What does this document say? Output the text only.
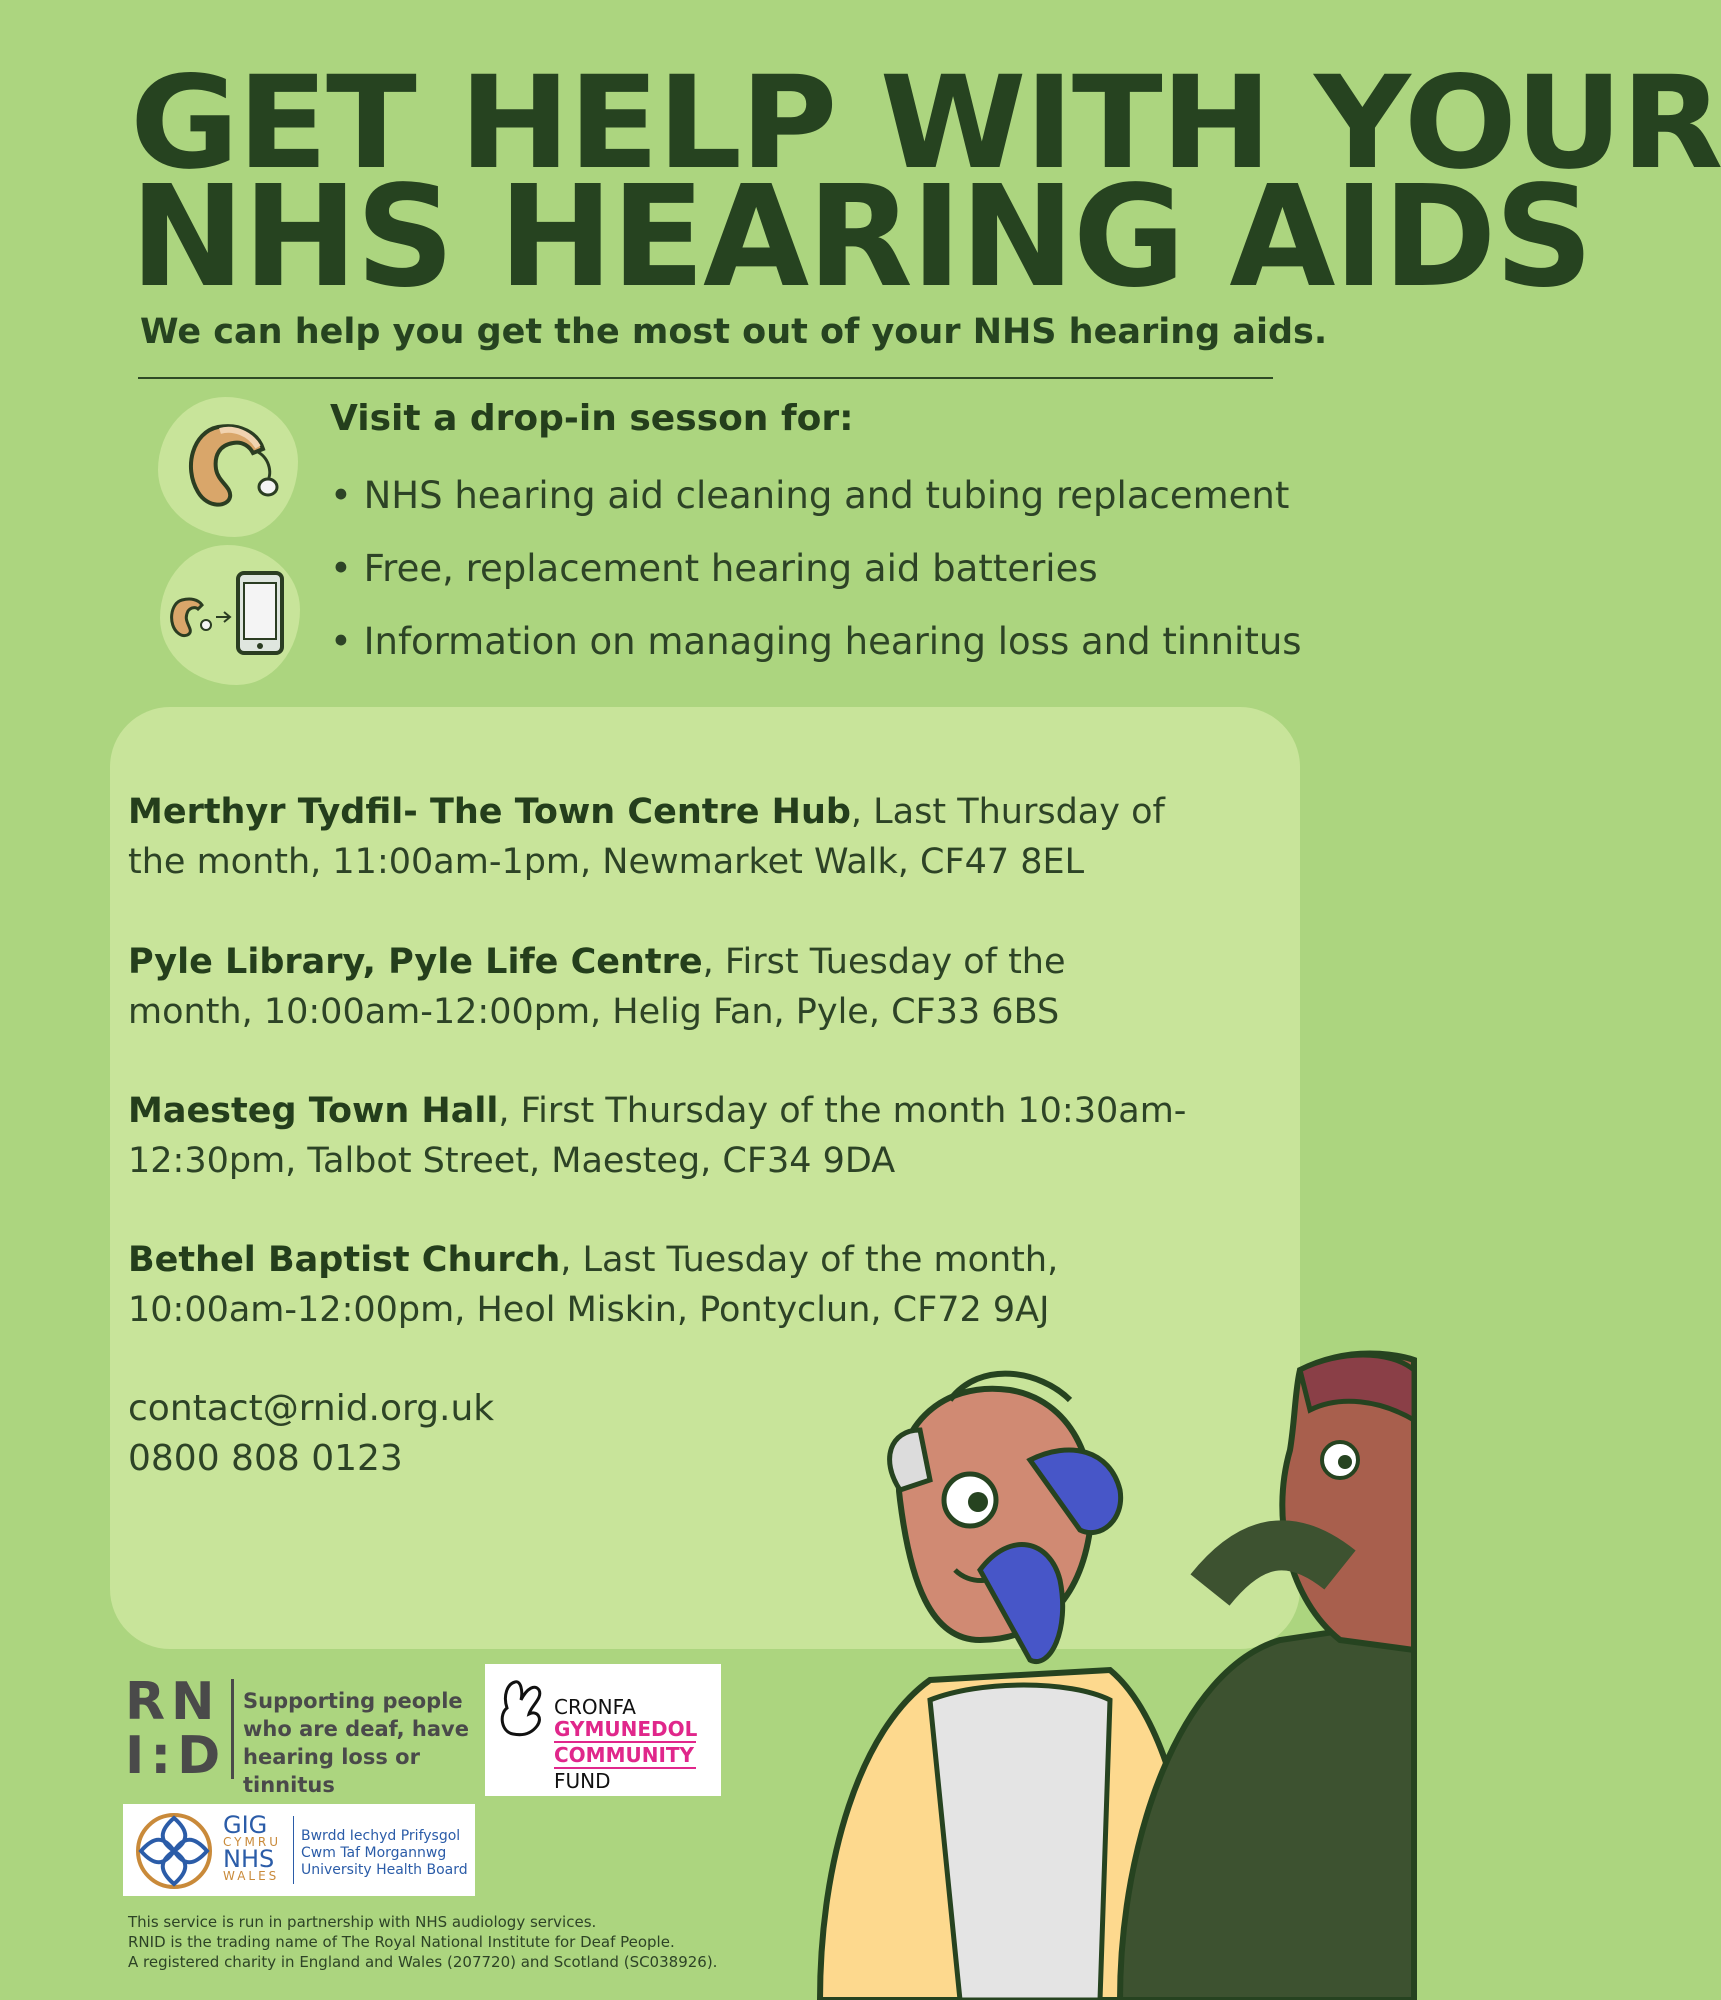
GET HELP WITH YOUR
NHS HEARING AIDS

We can help you get the most out of your NHS hearing aids.

Visit a drop-in sesson for:

• NHS hearing aid cleaning and tubing replacement
• Free, replacement hearing aid batteries
• Information on managing hearing loss and tinnitus

Merthyr Tydfil- The Town Centre Hub, Last Thursday of the month, 11:00am-1pm, Newmarket Walk, CF47 8EL

Pyle Library, Pyle Life Centre, First Tuesday of the month, 10:00am-12:00pm, Helig Fan, Pyle, CF33 6BS

Maesteg Town Hall, First Thursday of the month 10:30am-12:30pm, Talbot Street, Maesteg, CF34 9DA

Bethel Baptist Church, Last Tuesday of the month, 10:00am-12:00pm, Heol Miskin, Pontyclun, CF72 9AJ

contact@rnid.org.uk
0800 808 0123

RN
I:D
Supporting people who are deaf, have hearing loss or tinnitus
CRONFA
GYMUNEDOL
COMMUNITY
FUND
GIG
CYMRU
NHS
WALES
Bwrdd Iechyd Prifysgol Cwm Taf Morgannwg University Health Board

This service is run in partnership with NHS audiology services.
RNID is the trading name of The Royal National Institute for Deaf People.
A registered charity in England and Wales (207720) and Scotland (SC038926).
